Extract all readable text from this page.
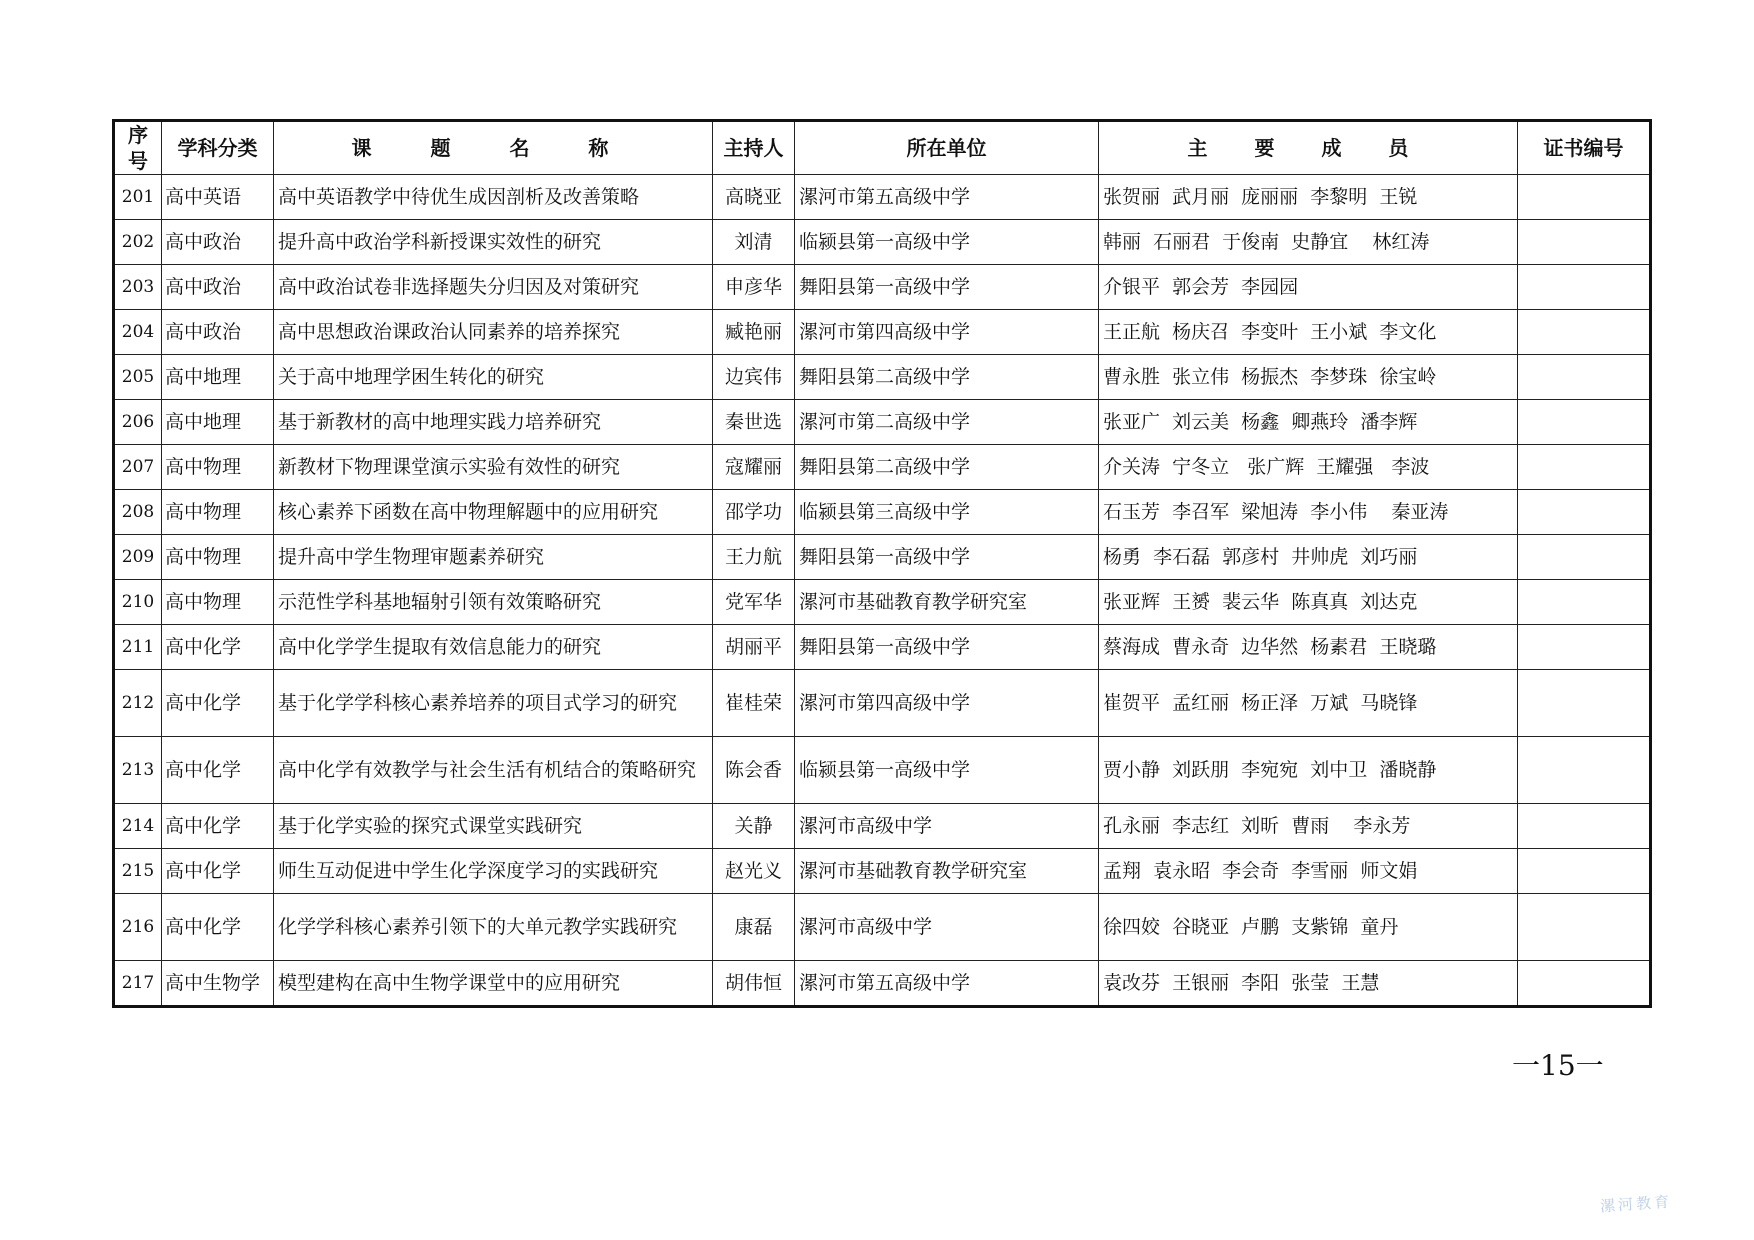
序号	学科分类	课 题 名 称	主持人	所在单位	主 要 成 员	证书编号
201	高中英语	高中英语教学中待优生成因剖析及改善策略	高晓亚	漯河市第五高级中学	张贺丽  武月丽  庞丽丽  李黎明  王锐	
202	高中政治	提升高中政治学科新授课实效性的研究	刘清	临颍县第一高级中学	韩丽  石丽君  于俊南  史静宜    林红涛	
203	高中政治	高中政治试卷非选择题失分归因及对策研究	申彦华	舞阳县第一高级中学	介银平  郭会芳  李园园	
204	高中政治	高中思想政治课政治认同素养的培养探究	臧艳丽	漯河市第四高级中学	王正航  杨庆召  李变叶  王小斌  李文化	
205	高中地理	关于高中地理学困生转化的研究	边宾伟	舞阳县第二高级中学	曹永胜  张立伟  杨振杰  李梦珠  徐宝岭	
206	高中地理	基于新教材的高中地理实践力培养研究	秦世选	漯河市第二高级中学	张亚广  刘云美  杨鑫  卿燕玲  潘李辉	
207	高中物理	新教材下物理课堂演示实验有效性的研究	寇耀丽	舞阳县第二高级中学	介关涛  宁冬立   张广辉  王耀强   李波	
208	高中物理	核心素养下函数在高中物理解题中的应用研究	邵学功	临颍县第三高级中学	石玉芳  李召军  梁旭涛  李小伟    秦亚涛	
209	高中物理	提升高中学生物理审题素养研究	王力航	舞阳县第一高级中学	杨勇  李石磊  郭彦村  井帅虎  刘巧丽	
210	高中物理	示范性学科基地辐射引领有效策略研究	党军华	漯河市基础教育教学研究室	张亚辉  王赟  裴云华  陈真真  刘达克	
211	高中化学	高中化学学生提取有效信息能力的研究	胡丽平	舞阳县第一高级中学	蔡海成  曹永奇  边华然  杨素君  王晓璐	
212	高中化学	基于化学学科核心素养培养的项目式学习的研究	崔桂荣	漯河市第四高级中学	崔贺平  孟红丽  杨正泽  万斌  马晓锋	
213	高中化学	高中化学有效教学与社会生活有机结合的策略研究	陈会香	临颍县第一高级中学	贾小静  刘跃朋  李宛宛  刘中卫  潘晓静	
214	高中化学	基于化学实验的探究式课堂实践研究	关静	漯河市高级中学	孔永丽  李志红  刘昕  曹雨    李永芳	
215	高中化学	师生互动促进中学生化学深度学习的实践研究	赵光义	漯河市基础教育教学研究室	孟翔  袁永昭  李会奇  李雪丽  师文娟	
216	高中化学	化学学科核心素养引领下的大单元教学实践研究	康磊	漯河市高级中学	徐四姣  谷晓亚  卢鹏  支紫锦  童丹	
217	高中生物学	模型建构在高中生物学课堂中的应用研究	胡伟恒	漯河市第五高级中学	袁改芬  王银丽  李阳  张莹  王慧	
一15一
漯河教育
